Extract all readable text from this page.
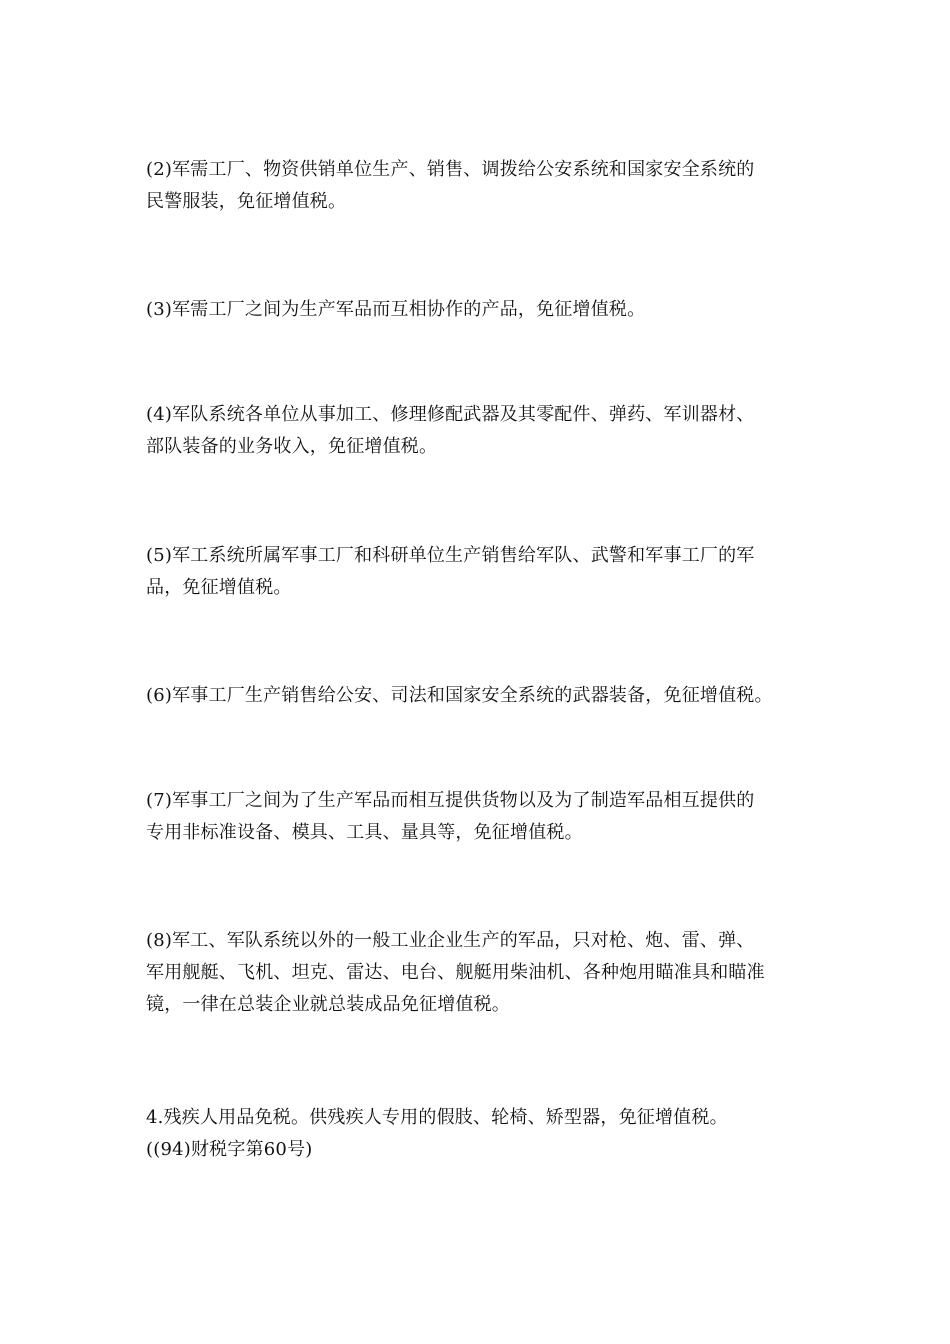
(2)军需工厂、物资供销单位生产、销售、调拨给公安系统和国家安全系统的
民警服装，免征增值税。

(3)军需工厂之间为生产军品而互相协作的产品，免征增值税。

(4)军队系统各单位从事加工、修理修配武器及其零配件、弹药、军训器材、
部队装备的业务收入，免征增值税。

(5)军工系统所属军事工厂和科研单位生产销售给军队、武警和军事工厂的军
品，免征增值税。

(6)军事工厂生产销售给公安、司法和国家安全系统的武器装备，免征增值税。

(7)军事工厂之间为了生产军品而相互提供货物以及为了制造军品相互提供的
专用非标准设备、模具、工具、量具等，免征增值税。

(8)军工、军队系统以外的一般工业企业生产的军品，只对枪、炮、雷、弹、
军用舰艇、飞机、坦克、雷达、电台、舰艇用柴油机、各种炮用瞄准具和瞄准
镜，一律在总装企业就总装成品免征增值税。

4.残疾人用品免税。供残疾人专用的假肢、轮椅、矫型器，免征增值税。
((94)财税字第60号)
